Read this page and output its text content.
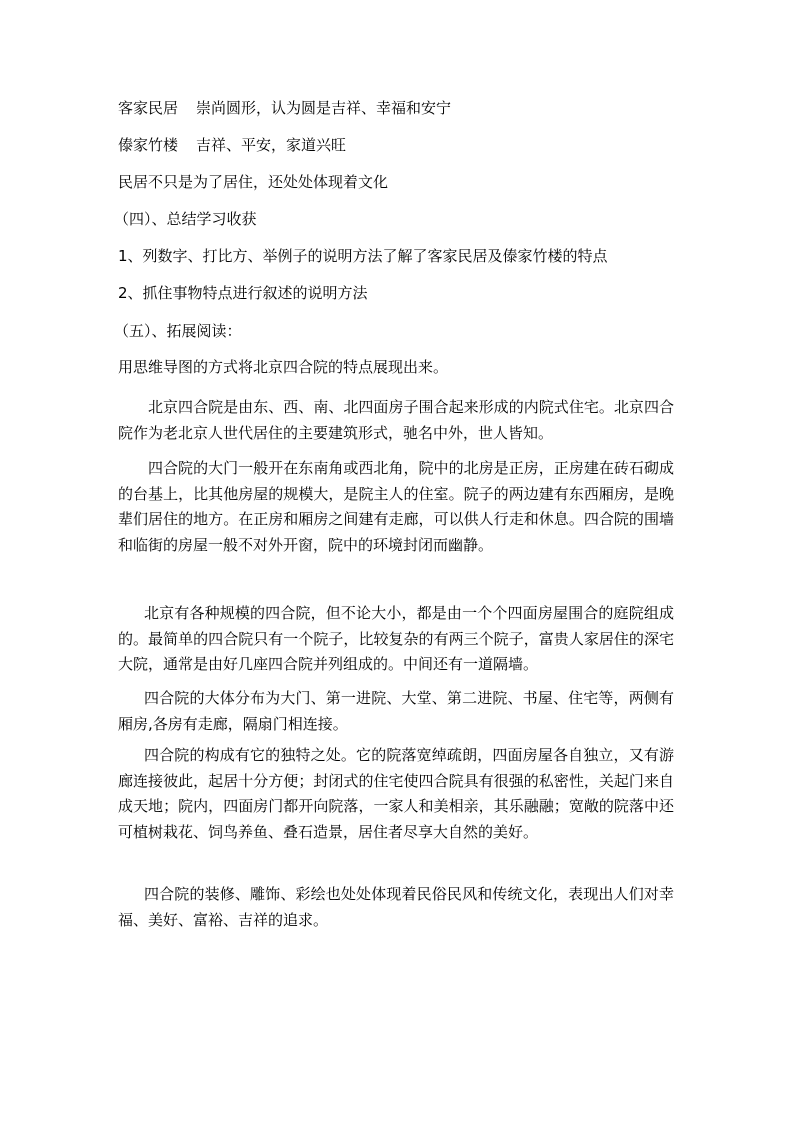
客家民居 崇尚圆形，认为圆是吉祥、幸福和安宁
傣家竹楼 吉祥、平安，家道兴旺
民居不只是为了居住，还处处体现着文化
（四）、总结学习收获
1、列数字、打比方、举例子的说明方法了解了客家民居及傣家竹楼的特点
2、抓住事物特点进行叙述的说明方法
（五）、拓展阅读：
用思维导图的方式将北京四合院的特点展现出来。
北京四合院是由东、西、南、北四面房子围合起来形成的内院式住宅。北京四合院作为老北京人世代居住的主要建筑形式，驰名中外，世人皆知。
四合院的大门一般开在东南角或西北角，院中的北房是正房，正房建在砖石砌成的台基上，比其他房屋的规模大，是院主人的住室。院子的两边建有东西厢房，是晚辈们居住的地方。在正房和厢房之间建有走廊，可以供人行走和休息。四合院的围墙和临街的房屋一般不对外开窗，院中的环境封闭而幽静。
北京有各种规模的四合院，但不论大小，都是由一个个四面房屋围合的庭院组成的。最简单的四合院只有一个院子，比较复杂的有两三个院子，富贵人家居住的深宅大院，通常是由好几座四合院并列组成的。中间还有一道隔墙。
四合院的大体分布为大门、第一进院、大堂、第二进院、书屋、住宅等，两侧有厢房,各房有走廊，隔扇门相连接。
四合院的构成有它的独特之处。它的院落宽绰疏朗，四面房屋各自独立，又有游廊连接彼此，起居十分方便；封闭式的住宅使四合院具有很强的私密性，关起门来自成天地；院内，四面房门都开向院落，一家人和美相亲，其乐融融；宽敞的院落中还可植树栽花、饲鸟养鱼、叠石造景，居住者尽享大自然的美好。
四合院的装修、雕饰、彩绘也处处体现着民俗民风和传统文化，表现出人们对幸福、美好、富裕、吉祥的追求。
